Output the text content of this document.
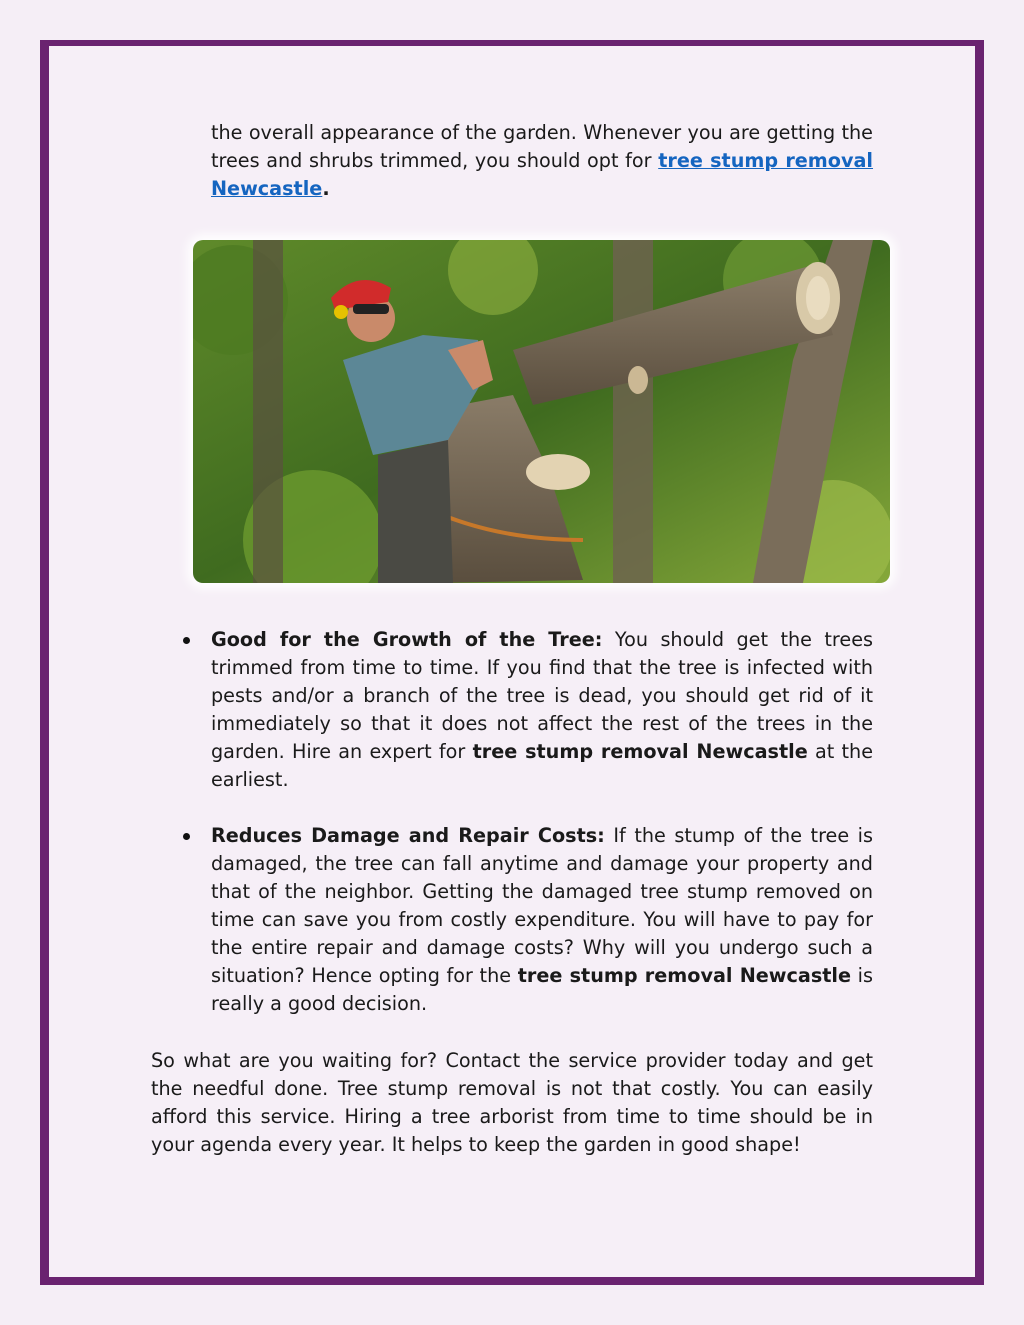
the overall appearance of the garden. Whenever you are getting the trees and shrubs trimmed, you should opt for tree stump removal Newcastle.
Good for the Growth of the Tree: You should get the trees trimmed from time to time. If you find that the tree is infected with pests and/or a branch of the tree is dead, you should get rid of it immediately so that it does not affect the rest of the trees in the garden. Hire an expert for tree stump removal Newcastle at the earliest.
Reduces Damage and Repair Costs: If the stump of the tree is damaged, the tree can fall anytime and damage your property and that of the neighbor. Getting the damaged tree stump removed on time can save you from costly expenditure. You will have to pay for the entire repair and damage costs? Why will you undergo such a situation? Hence opting for the tree stump removal Newcastle is really a good decision.
So what are you waiting for? Contact the service provider today and get the needful done. Tree stump removal is not that costly. You can easily afford this service. Hiring a tree arborist from time to time should be in your agenda every year. It helps to keep the garden in good shape!
